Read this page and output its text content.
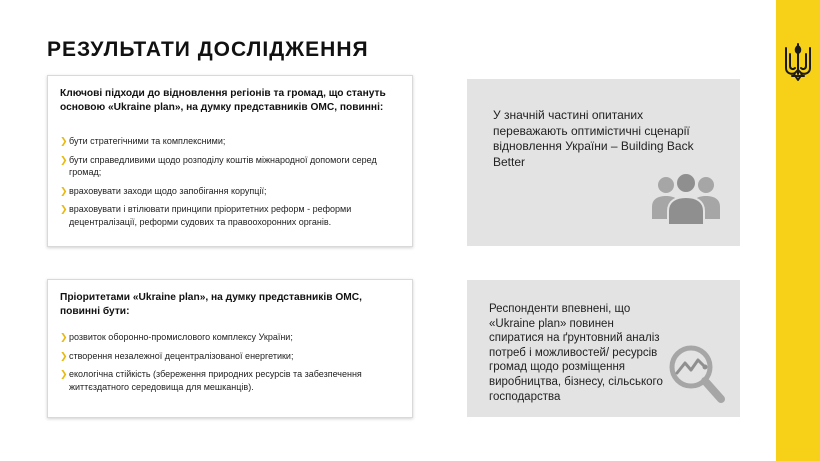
РЕЗУЛЬТАТИ ДОСЛІДЖЕННЯ
Ключові підходи до відновлення регіонів та громад, що стануть основою «Ukraine plan», на думку представників ОМС, повинні:
❯ бути стратегічними та комплексними;
❯ бути справедливими щодо розподілу коштів міжнародної допомоги серед громад;
❯ враховувати заходи щодо запобігання корупції;
❯ враховувати і втілювати принципи пріоритетних реформ - реформи децентралізації, реформи судових та правоохоронних органів.
Пріоритетами «Ukraine plan», на думку представників ОМС, повинні бути:
❯ розвиток оборонно-промислового комплексу України;
❯ створення незалежної децентралізованої енергетики;
❯ екологічна стійкість (збереження природних ресурсів та забезпечення життєздатного середовища для мешканців).
У значній частині опитаних переважають оптимістичні сценарії відновлення України – Building Back Better
Респонденти впевнені, що «Ukraine plan» повинен спиратися на ґрунтовний аналіз потреб і можливостей/ ресурсів громад щодо розміщення виробництва, бізнесу, сільського господарства
